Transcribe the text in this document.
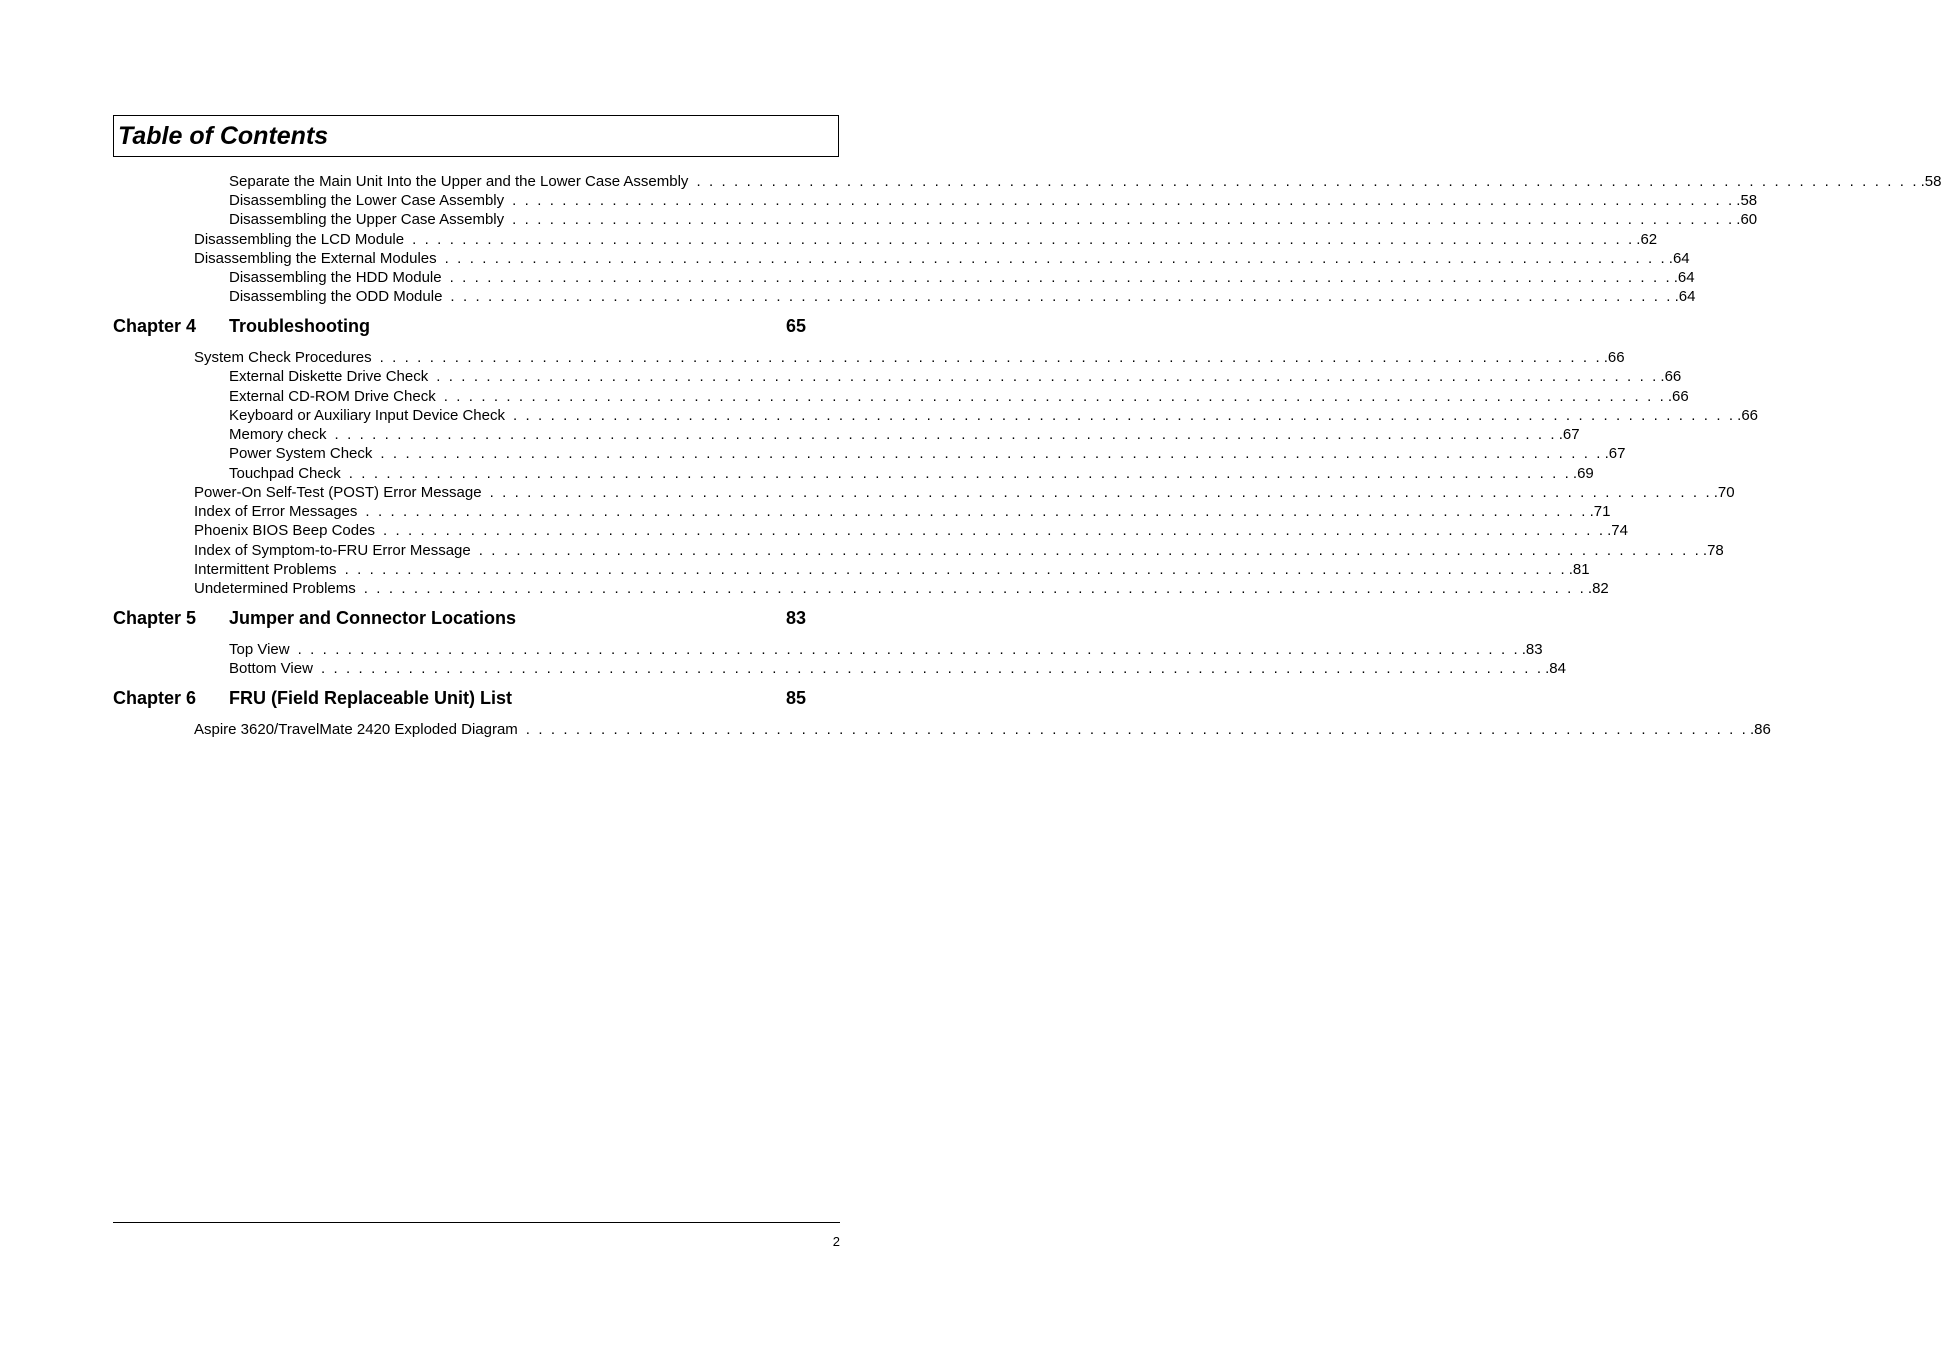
Table of Contents
Separate the Main Unit Into the Upper and the Lower Case Assembly . . . . . . . . . . . . . . . . . . . . . . . . . . . . . . . . . . . . . . . . . . . . . . . . . . . . . . . . . . . . . . . . . . . . . . . . . . . . . . . . . . . . . . . . . . . . . . . . . . .58
Disassembling the Lower Case Assembly . . . . . . . . . . . . . . . . . . . . . . . . . . . . . . . . . . . . . . . . . . . . . . . . . . . . . . . . . . . . . . . . . . . . . . . . . . . . . . . . . . . . . . . . . . . . . . . . . . .58
Disassembling the Upper Case Assembly . . . . . . . . . . . . . . . . . . . . . . . . . . . . . . . . . . . . . . . . . . . . . . . . . . . . . . . . . . . . . . . . . . . . . . . . . . . . . . . . . . . . . . . . . . . . . . . . . . .60
Disassembling the LCD Module . . . . . . . . . . . . . . . . . . . . . . . . . . . . . . . . . . . . . . . . . . . . . . . . . . . . . . . . . . . . . . . . . . . . . . . . . . . . . . . . . . . . . . . . . . . . . . . . . . .62
Disassembling the External Modules . . . . . . . . . . . . . . . . . . . . . . . . . . . . . . . . . . . . . . . . . . . . . . . . . . . . . . . . . . . . . . . . . . . . . . . . . . . . . . . . . . . . . . . . . . . . . . . . . . .64
Disassembling the HDD Module . . . . . . . . . . . . . . . . . . . . . . . . . . . . . . . . . . . . . . . . . . . . . . . . . . . . . . . . . . . . . . . . . . . . . . . . . . . . . . . . . . . . . . . . . . . . . . . . . . .64
Disassembling the ODD Module . . . . . . . . . . . . . . . . . . . . . . . . . . . . . . . . . . . . . . . . . . . . . . . . . . . . . . . . . . . . . . . . . . . . . . . . . . . . . . . . . . . . . . . . . . . . . . . . . . .64
Chapter 4 Troubleshooting	65
System Check Procedures . . . . . . . . . . . . . . . . . . . . . . . . . . . . . . . . . . . . . . . . . . . . . . . . . . . . . . . . . . . . . . . . . . . . . . . . . . . . . . . . . . . . . . . . . . . . . . . . . . .66
External Diskette Drive Check . . . . . . . . . . . . . . . . . . . . . . . . . . . . . . . . . . . . . . . . . . . . . . . . . . . . . . . . . . . . . . . . . . . . . . . . . . . . . . . . . . . . . . . . . . . . . . . . . . .66
External CD-ROM Drive Check . . . . . . . . . . . . . . . . . . . . . . . . . . . . . . . . . . . . . . . . . . . . . . . . . . . . . . . . . . . . . . . . . . . . . . . . . . . . . . . . . . . . . . . . . . . . . . . . . . .66
Keyboard or Auxiliary Input Device Check . . . . . . . . . . . . . . . . . . . . . . . . . . . . . . . . . . . . . . . . . . . . . . . . . . . . . . . . . . . . . . . . . . . . . . . . . . . . . . . . . . . . . . . . . . . . . . . . . . .66
Memory check . . . . . . . . . . . . . . . . . . . . . . . . . . . . . . . . . . . . . . . . . . . . . . . . . . . . . . . . . . . . . . . . . . . . . . . . . . . . . . . . . . . . . . . . . . . . . . . . . . .67
Power System Check . . . . . . . . . . . . . . . . . . . . . . . . . . . . . . . . . . . . . . . . . . . . . . . . . . . . . . . . . . . . . . . . . . . . . . . . . . . . . . . . . . . . . . . . . . . . . . . . . . .67
Touchpad Check . . . . . . . . . . . . . . . . . . . . . . . . . . . . . . . . . . . . . . . . . . . . . . . . . . . . . . . . . . . . . . . . . . . . . . . . . . . . . . . . . . . . . . . . . . . . . . . . . . .69
Power-On Self-Test (POST) Error Message . . . . . . . . . . . . . . . . . . . . . . . . . . . . . . . . . . . . . . . . . . . . . . . . . . . . . . . . . . . . . . . . . . . . . . . . . . . . . . . . . . . . . . . . . . . . . . . . . . .70
Index of Error Messages . . . . . . . . . . . . . . . . . . . . . . . . . . . . . . . . . . . . . . . . . . . . . . . . . . . . . . . . . . . . . . . . . . . . . . . . . . . . . . . . . . . . . . . . . . . . . . . . . . .71
Phoenix BIOS Beep Codes . . . . . . . . . . . . . . . . . . . . . . . . . . . . . . . . . . . . . . . . . . . . . . . . . . . . . . . . . . . . . . . . . . . . . . . . . . . . . . . . . . . . . . . . . . . . . . . . . . .74
Index of Symptom-to-FRU Error Message . . . . . . . . . . . . . . . . . . . . . . . . . . . . . . . . . . . . . . . . . . . . . . . . . . . . . . . . . . . . . . . . . . . . . . . . . . . . . . . . . . . . . . . . . . . . . . . . . . .78
Intermittent Problems . . . . . . . . . . . . . . . . . . . . . . . . . . . . . . . . . . . . . . . . . . . . . . . . . . . . . . . . . . . . . . . . . . . . . . . . . . . . . . . . . . . . . . . . . . . . . . . . . . .81
Undetermined Problems . . . . . . . . . . . . . . . . . . . . . . . . . . . . . . . . . . . . . . . . . . . . . . . . . . . . . . . . . . . . . . . . . . . . . . . . . . . . . . . . . . . . . . . . . . . . . . . . . . .82
Chapter 5 Jumper and Connector Locations	83
Top View . . . . . . . . . . . . . . . . . . . . . . . . . . . . . . . . . . . . . . . . . . . . . . . . . . . . . . . . . . . . . . . . . . . . . . . . . . . . . . . . . . . . . . . . . . . . . . . . . . .83
Bottom View . . . . . . . . . . . . . . . . . . . . . . . . . . . . . . . . . . . . . . . . . . . . . . . . . . . . . . . . . . . . . . . . . . . . . . . . . . . . . . . . . . . . . . . . . . . . . . . . . . .84
Chapter 6 FRU (Field Replaceable Unit) List	85
Aspire 3620/TravelMate 2420 Exploded Diagram . . . . . . . . . . . . . . . . . . . . . . . . . . . . . . . . . . . . . . . . . . . . . . . . . . . . . . . . . . . . . . . . . . . . . . . . . . . . . . . . . . . . . . . . . . . . . . . . . . .86
2
